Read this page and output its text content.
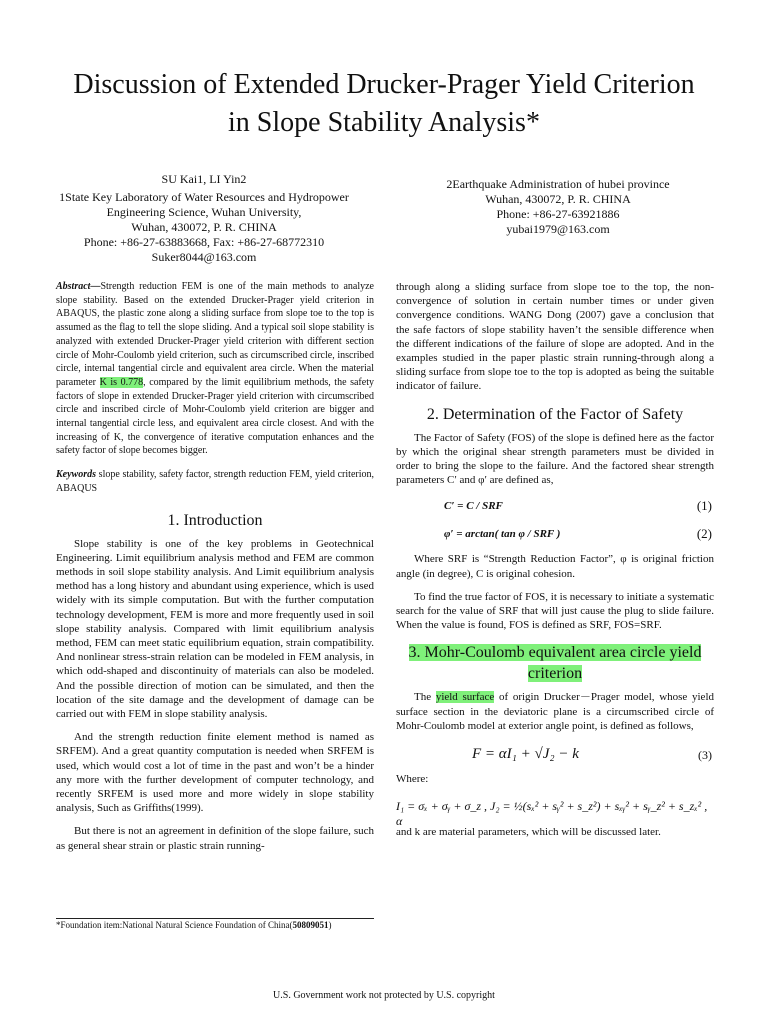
Discussion of Extended Drucker-Prager Yield Criterion in Slope Stability Analysis*
SU Kai1, LI Yin2
1State Key Laboratory of Water Resources and Hydropower
Engineering Science, Wuhan University,
Wuhan, 430072, P. R. CHINA
Phone: +86-27-63883668, Fax: +86-27-68772310
Suker8044@163.com
2Earthquake Administration of hubei province
Wuhan, 430072, P. R. CHINA
Phone: +86-27-63921886
yubai1979@163.com

Abstract—Strength reduction FEM is one of the main methods to analyze slope stability. Based on the extended Drucker-Prager yield criterion in ABAQUS, the plastic zone along a sliding surface from slope toe to the top is assumed as the flag to tell the slope sliding. And a typical soil slope stability is analyzed with extended Drucker-Prager yield criterion with different section circle of Mohr-Coulomb yield criterion, such as circumscribed circle, inscribed circle, internal tangential circle and equivalent area circle. When the material parameter K is 0.778, compared by the limit equilibrium methods, the safety factors of slope in extended Drucker-Prager yield criterion with circumscribed circle and inscribed circle of Mohr-Coulomb yield criterion are bigger and internal tangential circle less, and equivalent area circle closest. And with the increasing of K, the convergence of iterative computation enhances and the safety factor of slope becomes bigger.

Keywords slope stability, safety factor, strength reduction FEM, yield criterion, ABAQUS

1. Introduction

Slope stability is one of the key problems in Geotechnical Engineering. Limit equilibrium analysis method and FEM are common methods in soil slope stability analysis. And Limit equilibrium analysis method has a long history and abundant using experience, which is used widely with its simple computation. But with the further computation technology development, FEM is more and more frequently used in soil slope stability analysis. Compared with limit equilibrium analysis method, FEM can meet static equilibrium equation, strain compatibility. And nonlinear stress-strain relation can be modeled in FEM analysis, in which odd-shaped and discontinuity of materials can also be modeled. And the possible direction of motion can be simulated, and then the location of the site damage and the development of damage can be carried out with FEM in slope stability analysis.

And the strength reduction finite element method is named as SRFEM). And a great quantity computation is needed when SRFEM is used, which would cost a lot of time in the past and won’t be a hinder any more with the further development of computer technology, and recently SRFEM is used more and more widely in slope stability analysis, Such as Griffiths(1999).

But there is not an agreement in definition of the slope failure, such as general shear strain or plastic strain running-

*Foundation item:National Natural Science Foundation of China(50809051)

through along a sliding surface from slope toe to the top, the non-convergence of solution in certain number times or under given convergence conditions. WANG Dong (2007) gave a conclusion that the safe factors of slope stability haven’t the sensible difference when the different indications of the failure of slope are adopted. And in the examples studied in the paper plastic strain running-through along a sliding surface from slope toe to the top is adopted as being the suitable indicator of failure.

2. Determination of the Factor of Safety

The Factor of Safety (FOS) of the slope is defined here as the factor by which the original shear strength parameters must be divided in order to bring the slope to the failure. And the factored shear strength parameters C′ and φ′ are defined as,

C′ = C / SRF	(1)
φ′ = arctan( tan φ / SRF )	(2)

Where SRF is “Strength Reduction Factor”, φ is original friction angle (in degree), C is original cohesion.

To find the true factor of FOS, it is necessary to initiate a systematic search for the value of SRF that will just cause the plug to slide failure. When the value is found, FOS is defined as SRF, FOS=SRF.

3. Mohr-Coulomb equivalent area circle yield criterion

The yield surface of origin Drucker－Prager model, whose yield surface section in the deviatoric plane is a circumscribed circle of Mohr-Coulomb model at exterior angle point, is defined as follows,

F = αI₁ + √J₂ − k	(3)

Where:

I₁ = σₓ + σᵧ + σ_z , J₂ = ½(sₓ² + sᵧ² + s_z²) + sₓᵧ² + sᵧ_z² + s_zₓ² , α

and k are material parameters, which will be discussed later.

U.S. Government work not protected by U.S. copyright
